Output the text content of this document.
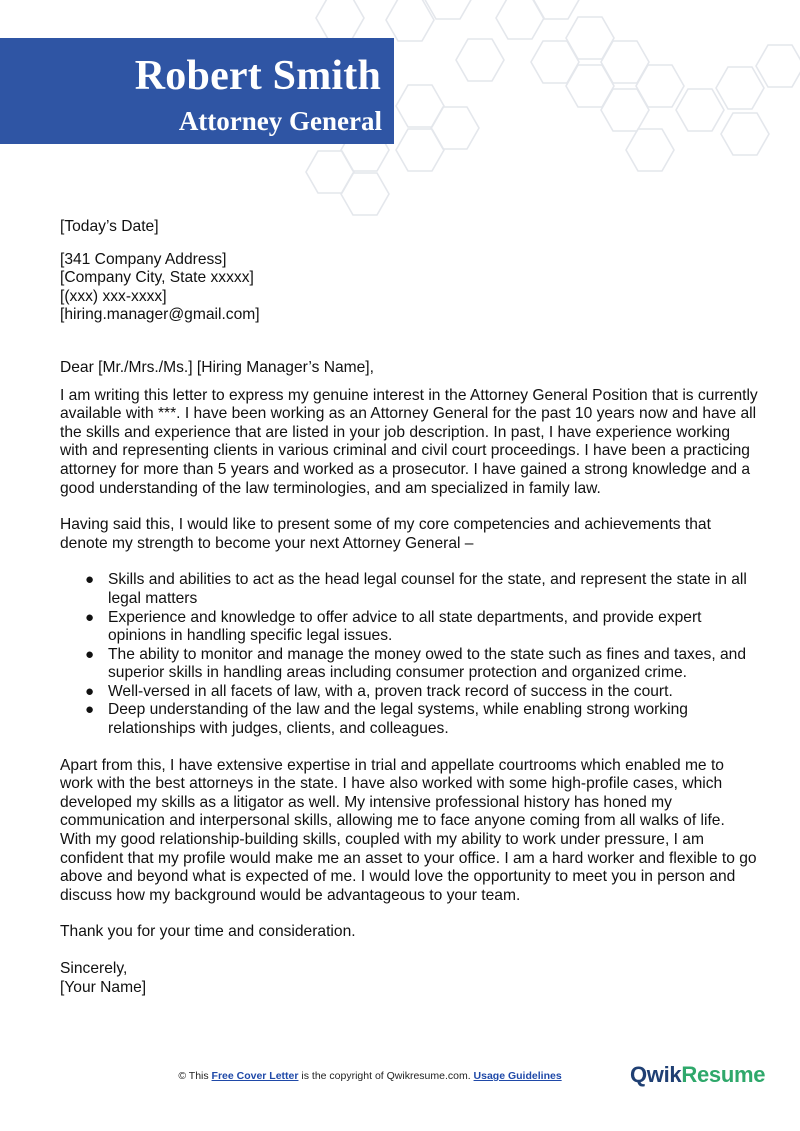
Robert Smith
Attorney General

[Today’s Date]

[341 Company Address]
[Company City, State xxxxx]
[(xxx) xxx-xxxx]
[hiring.manager@gmail.com]

Dear [Mr./Mrs./Ms.] [Hiring Manager’s Name],

I am writing this letter to express my genuine interest in the Attorney General Position that is currently available with ***. I have been working as an Attorney General for the past 10 years now and have all the skills and experience that are listed in your job description. In past, I have experience working with and representing clients in various criminal and civil court proceedings. I have been a practicing attorney for more than 5 years and worked as a prosecutor. I have gained a strong knowledge and a good understanding of the law terminologies, and am specialized in family law.

Having said this, I would like to present some of my core competencies and achievements that denote my strength to become your next Attorney General –

● Skills and abilities to act as the head legal counsel for the state, and represent the state in all legal matters
● Experience and knowledge to offer advice to all state departments, and provide expert opinions in handling specific legal issues.
● The ability to monitor and manage the money owed to the state such as fines and taxes, and superior skills in handling areas including consumer protection and organized crime.
● Well-versed in all facets of law, with a, proven track record of success in the court.
● Deep understanding of the law and the legal systems, while enabling strong working relationships with judges, clients, and colleagues.

Apart from this, I have extensive expertise in trial and appellate courtrooms which enabled me to work with the best attorneys in the state. I have also worked with some high-profile cases, which developed my skills as a litigator as well. My intensive professional history has honed my communication and interpersonal skills, allowing me to face anyone coming from all walks of life. With my good relationship-building skills, coupled with my ability to work under pressure, I am confident that my profile would make me an asset to your office. I am a hard worker and flexible to go above and beyond what is expected of me. I would love the opportunity to meet you in person and discuss how my background would be advantageous to your team.

Thank you for your time and consideration.

Sincerely,

[Your Name]

© This Free Cover Letter is the copyright of Qwikresume.com. Usage Guidelines	QwikResume
